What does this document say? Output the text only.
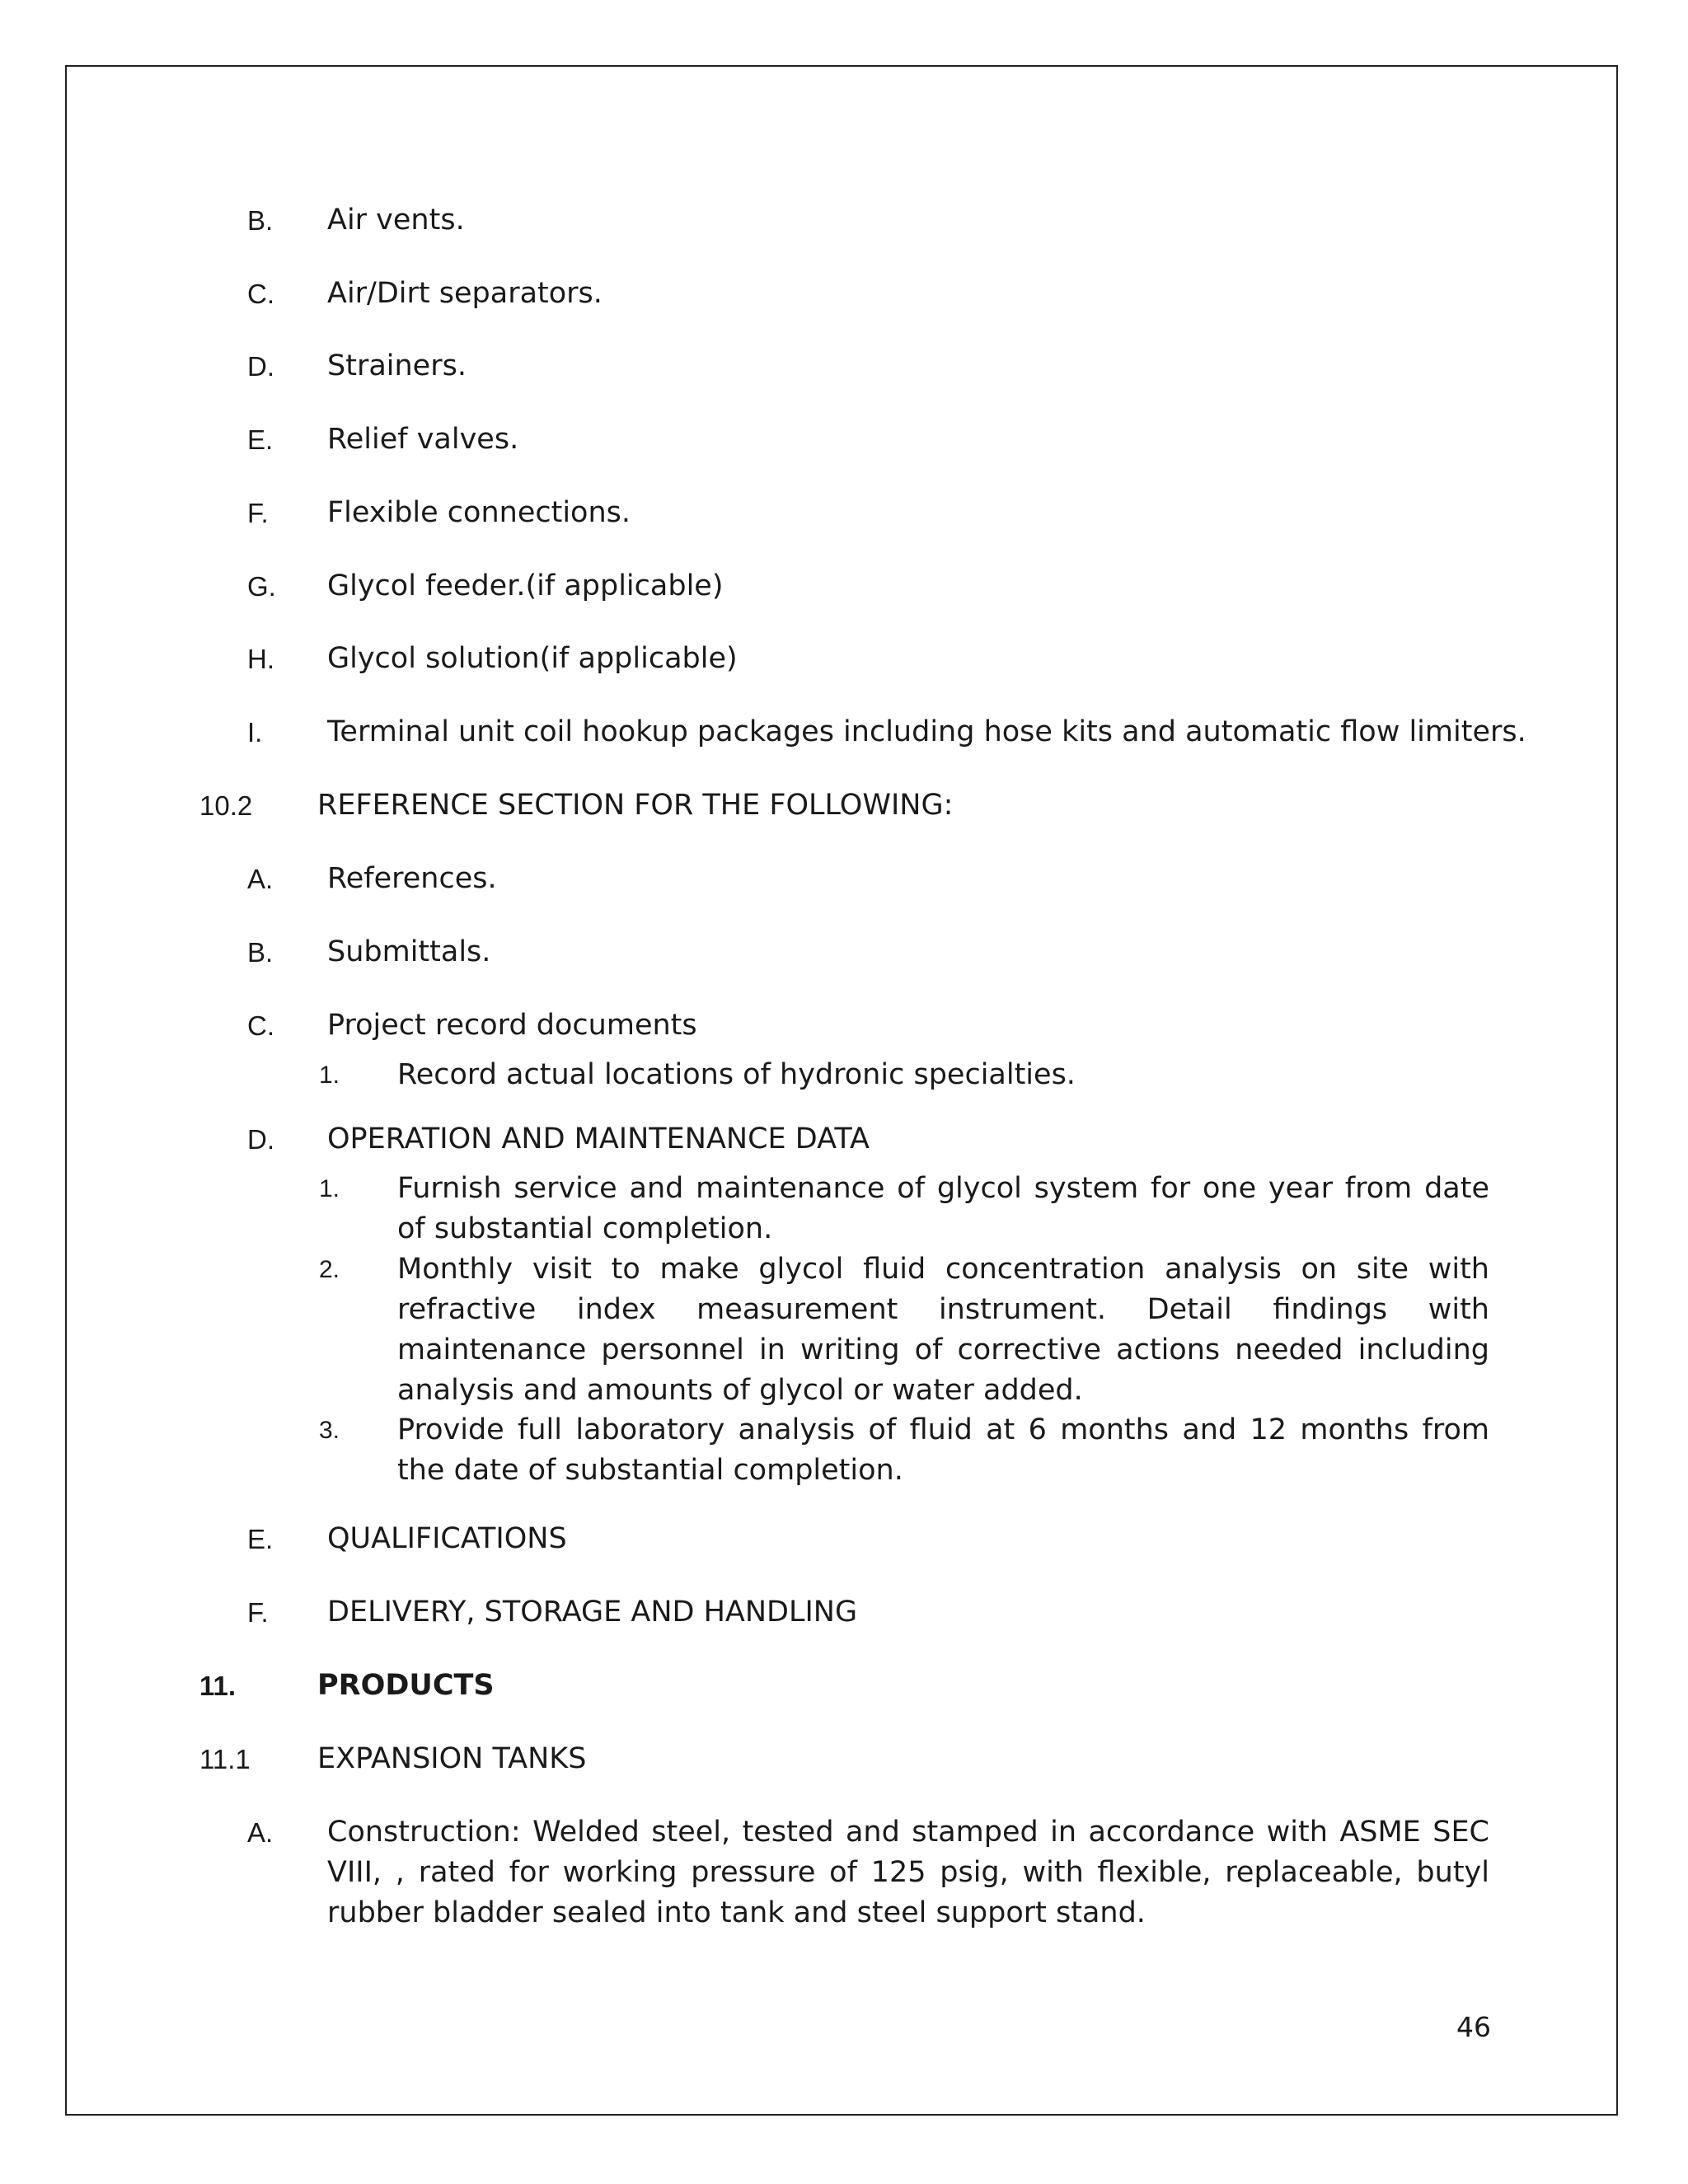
B. Air vents.
C. Air/Dirt separators.
D. Strainers.
E. Relief valves.
F. Flexible connections.
G. Glycol feeder.(if applicable)
H. Glycol solution(if applicable)
I. Terminal unit coil hookup packages including hose kits and automatic flow limiters.
10.2 REFERENCE SECTION FOR THE FOLLOWING:
A. References.
B. Submittals.
C. Project record documents
1. Record actual locations of hydronic specialties.
D. OPERATION AND MAINTENANCE DATA
1. Furnish service and maintenance of glycol system for one year from date of substantial completion.
2. Monthly visit to make glycol fluid concentration analysis on site with refractive index measurement instrument. Detail findings with maintenance personnel in writing of corrective actions needed including analysis and amounts of glycol or water added.
3. Provide full laboratory analysis of fluid at 6 months and 12 months from the date of substantial completion.
E. QUALIFICATIONS
F. DELIVERY, STORAGE AND HANDLING
11.	PRODUCTS
11.1 EXPANSION TANKS
A. Construction: Welded steel, tested and stamped in accordance with ASME SEC VIII, , rated for working pressure of 125 psig, with flexible, replaceable, butyl rubber bladder sealed into tank and steel support stand.
46
